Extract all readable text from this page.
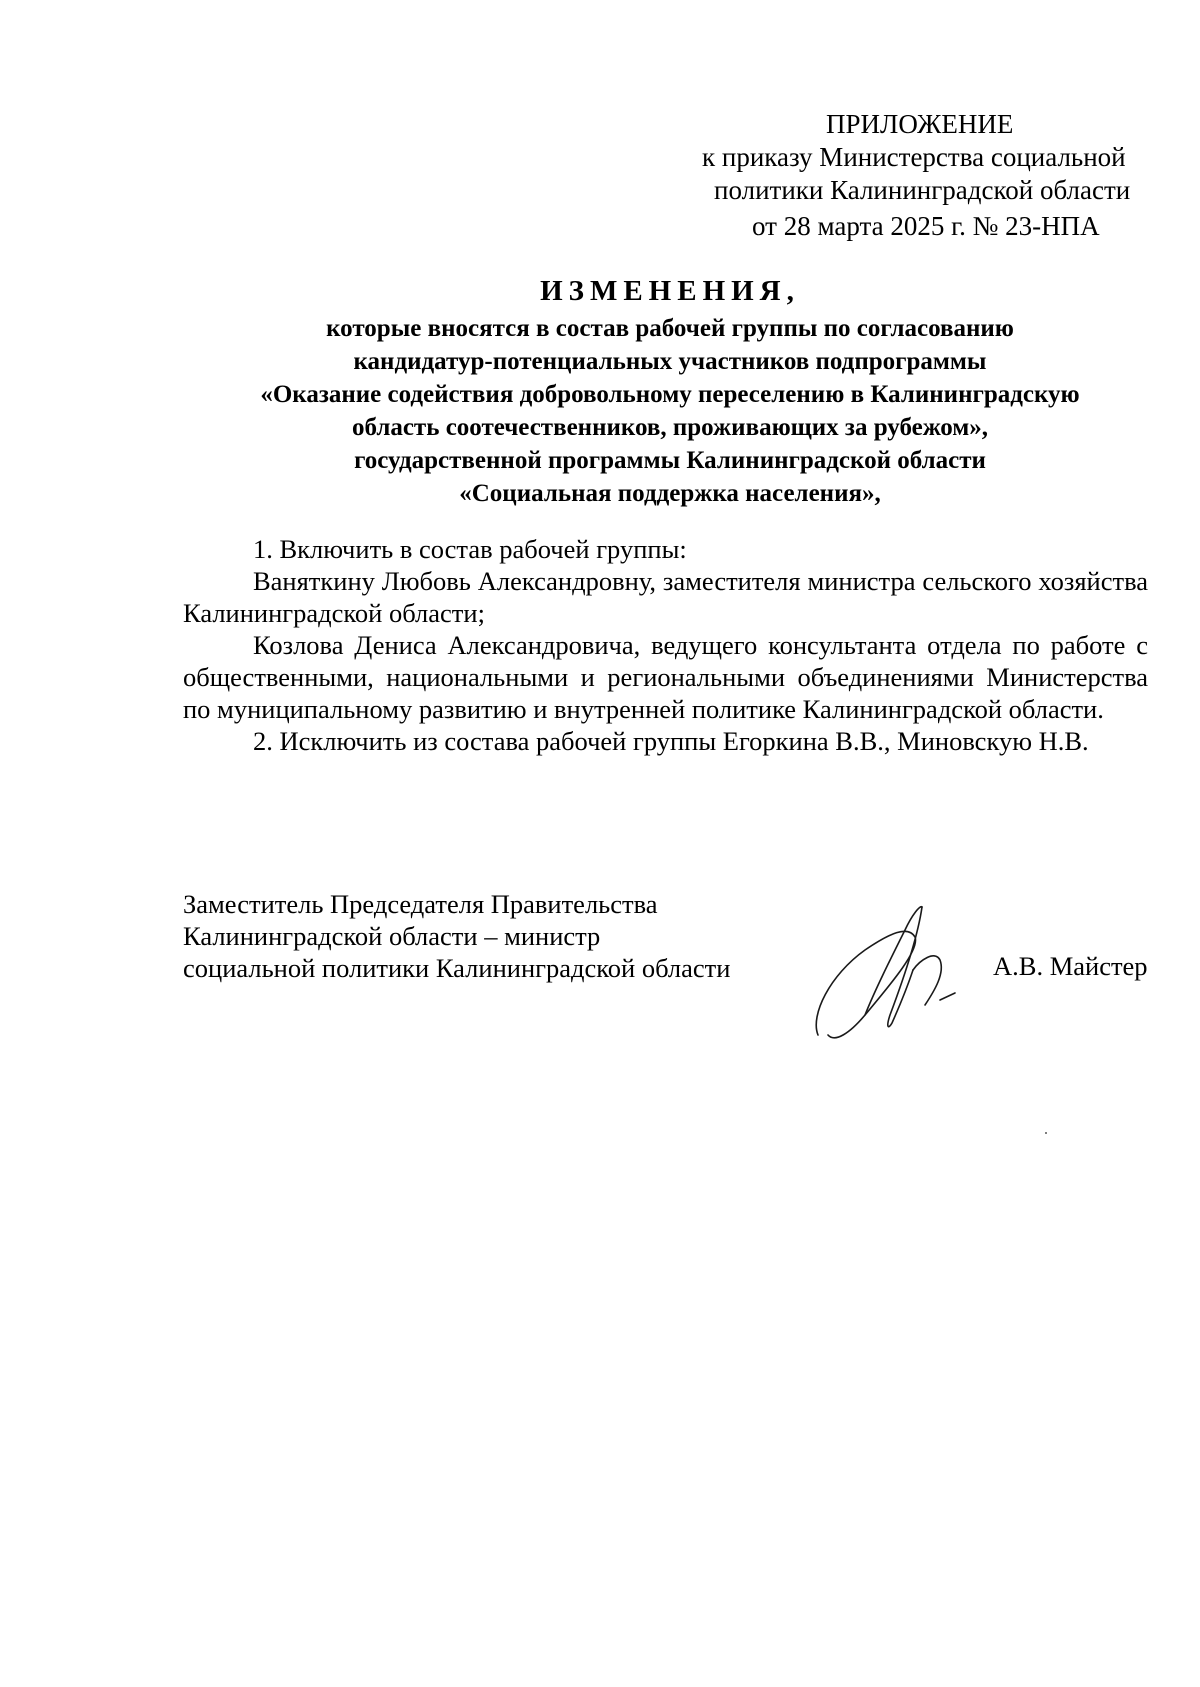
ПРИЛОЖЕНИЕ
к приказу Министерства социальной
политики Калининградской области
от 28 марта 2025 г. № 23-НПА
ИЗМЕНЕНИЯ,
которые вносятся в состав рабочей группы по согласованию
кандидатур-потенциальных участников подпрограммы
«Оказание содействия добровольному переселению в Калининградскую
область соотечественников, проживающих за рубежом»,
государственной программы Калининградской области
«Социальная поддержка населения»,

1. Включить в состав рабочей группы:

Ваняткину Любовь Александровну, заместителя министра сельского хозяйства Калининградской области;

Козлова Дениса Александровича, ведущего консультанта отдела по работе с общественными, национальными и региональными объединениями Министерства по муниципальному развитию и внутренней политике Калининградской области.

2. Исключить из состава рабочей группы Егоркина В.В., Миновскую Н.В.

Заместитель Председателя Правительства
Калининградской области – министр
социальной политики Калининградской области	А.В. Майстер
